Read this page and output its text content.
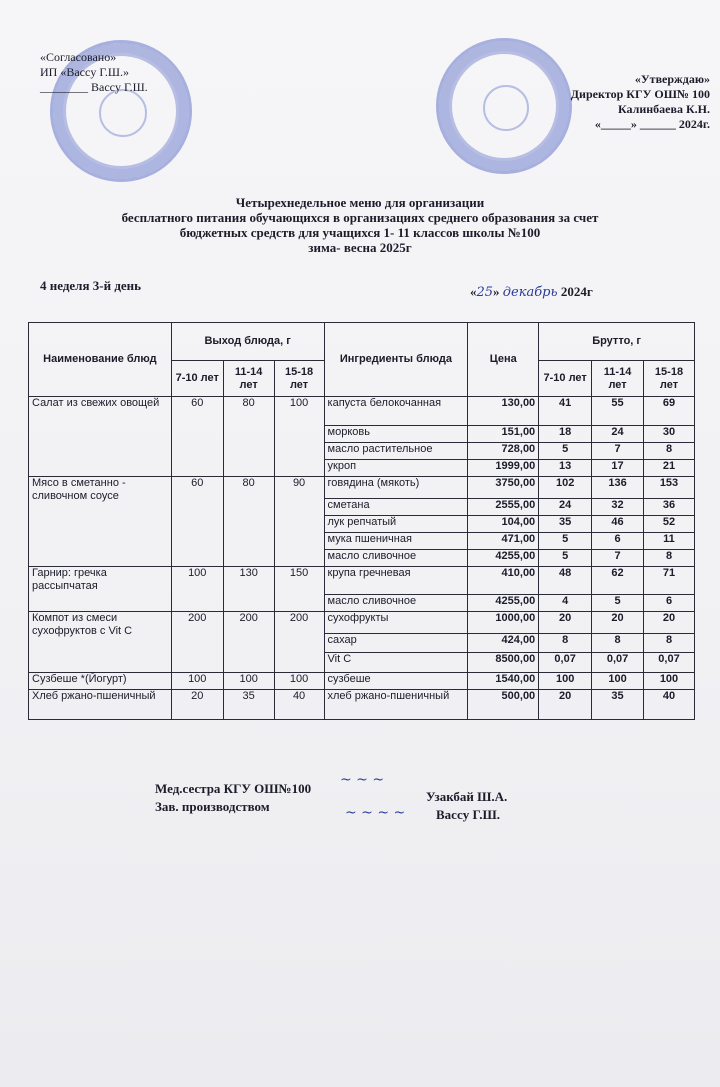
«Согласовано»
ИП «Васcу Г.Ш.»
________ Васcу Г.Ш.
«Утверждаю»
Директор КГУ ОШ№ 100
Калинбаева К.Н.
«_____» ______ 2024г.
Четырехнедельное меню для организации
бесплатного питания обучающихся в организациях среднего образования за счет
бюджетных средств для учащихся 1- 11 классов школы №100
зима- весна 2025г
4 неделя 3-й день	«25» декабрь 2024г
Наименование блюд	Выход блюда, г			Ингредиенты блюда	Цена	Брутто, г		
	7-10 лет	11-14 лет	15-18 лет			7-10 лет	11-14 лет	15-18 лет
Салат из свежих овощей	60	80	100	капуста белокочанная	130,00	41	55	69
				морковь	151,00	18	24	30
				масло растительное	728,00	5	7	8
				укроп	1999,00	13	17	21
Мясо в сметанно - сливочном соусе	60	80	90	говядина (мякоть)	3750,00	102	136	153
				сметана	2555,00	24	32	36
				лук репчатый	104,00	35	46	52
				мука пшеничная	471,00	5	6	11
				масло сливочное	4255,00	5	7	8
Гарнир: гречка рассыпчатая	100	130	150	крупа гречневая	410,00	48	62	71
				масло сливочное	4255,00	4	5	6
Компот из смеси сухофруктов с Vit C	200	200	200	сухофрукты	1000,00	20	20	20
				сахар	424,00	8	8	8
				Vit C	8500,00	0,07	0,07	0,07
Сузбеше *(Йогурт)	100	100	100	сузбеше	1540,00	100	100	100
Хлеб ржано-пшеничный	20	35	40	хлеб ржано-пшеничный	500,00	20	35	40
Мед.сестра КГУ ОШ№100
Зав. производством
~ ~ ~
~ ~ ~ ~
Узакбай Ш.А.
Васcу Г.Ш.
